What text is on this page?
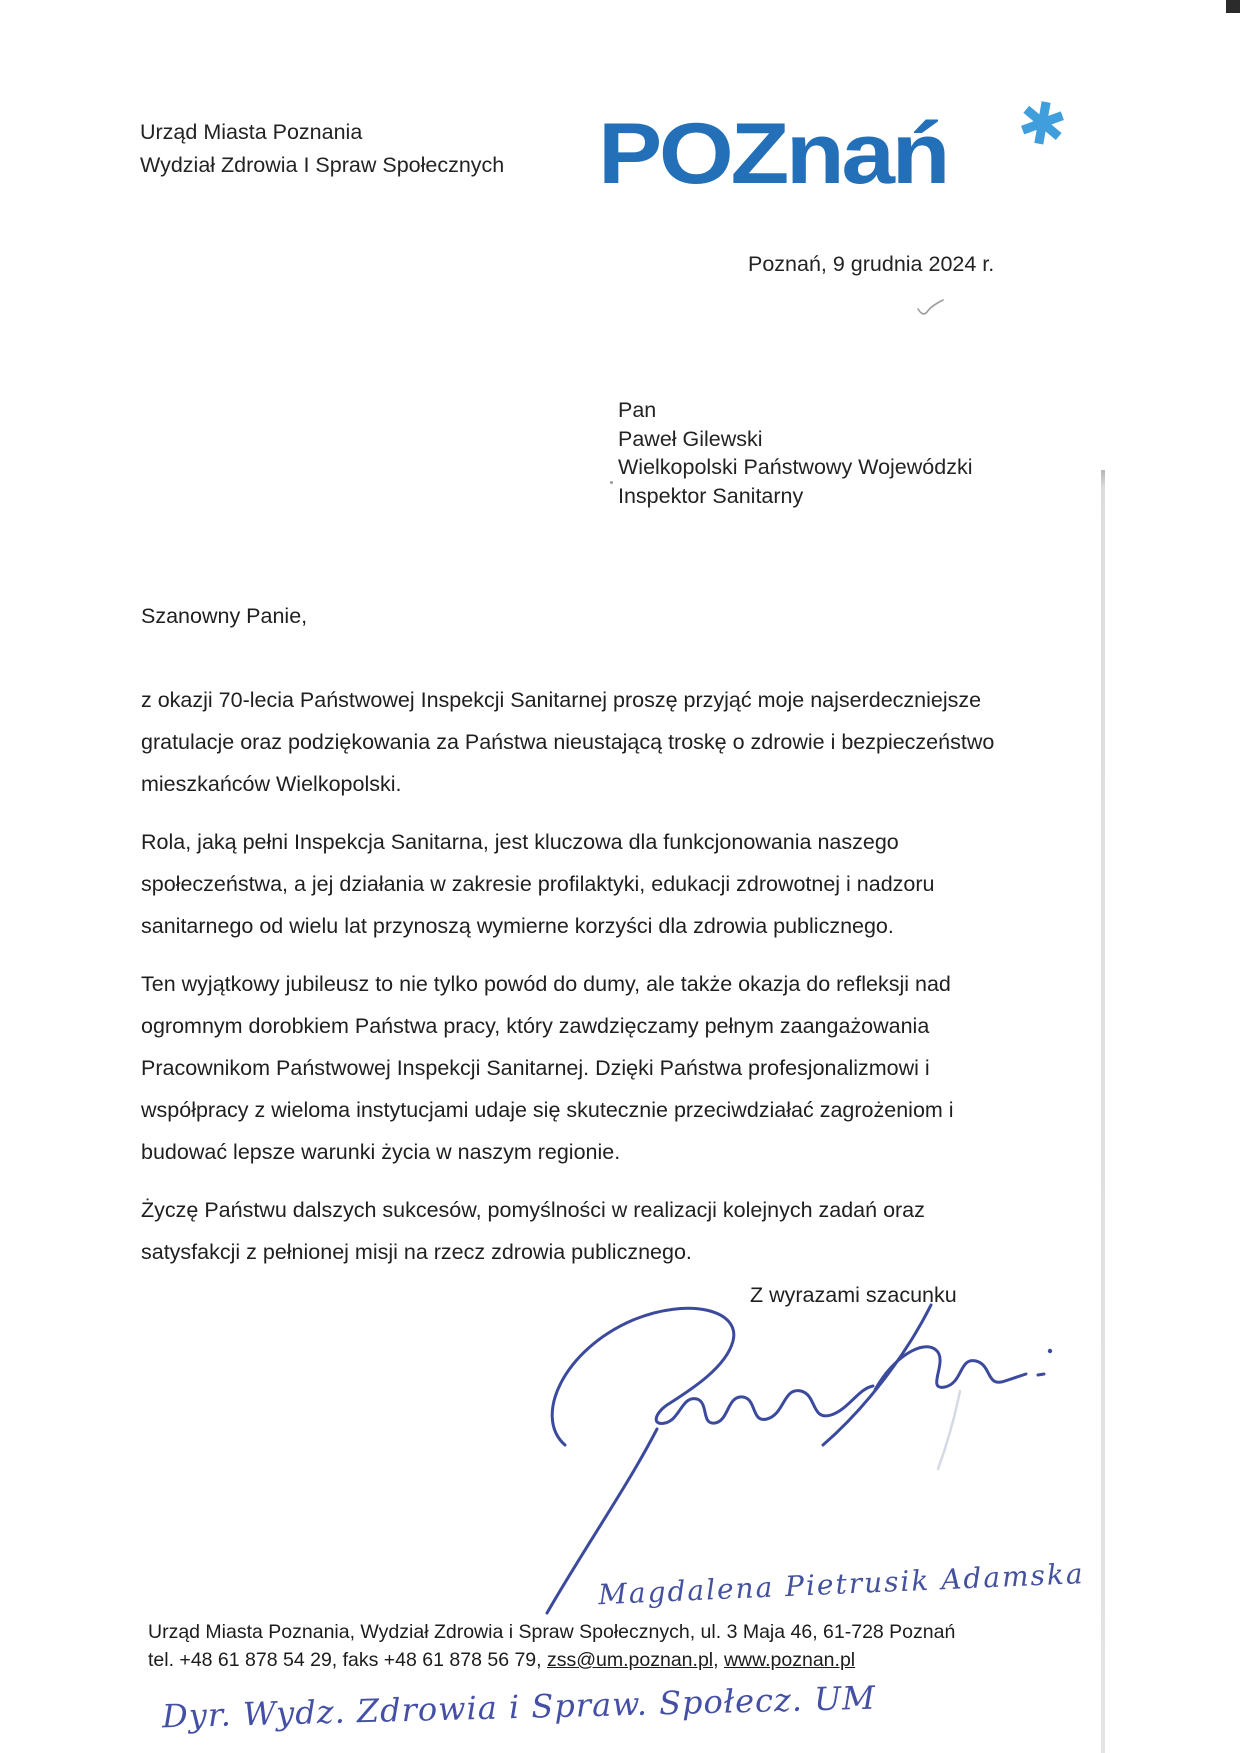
Urząd Miasta Poznania
Wydział Zdrowia I Spraw Społecznych POZnań ✱
Poznań, 9 grudnia 2024 r.
Pan
Paweł Gilewski
Wielkopolski Państwowy Wojewódzki
Inspektor Sanitarny
Szanowny Panie,
z okazji 70-lecia Państwowej Inspekcji Sanitarnej proszę przyjąć moje najserdeczniejsze
gratulacje oraz podziękowania za Państwa nieustającą troskę o zdrowie i bezpieczeństwo
mieszkańców Wielkopolski.
Rola, jaką pełni Inspekcja Sanitarna, jest kluczowa dla funkcjonowania naszego
społeczeństwa, a jej działania w zakresie profilaktyki, edukacji zdrowotnej i nadzoru
sanitarnego od wielu lat przynoszą wymierne korzyści dla zdrowia publicznego.
Ten wyjątkowy jubileusz to nie tylko powód do dumy, ale także okazja do refleksji nad
ogromnym dorobkiem Państwa pracy, który zawdzięczamy pełnym zaangażowania
Pracownikom Państwowej Inspekcji Sanitarnej. Dzięki Państwa profesjonalizmowi i
współpracy z wieloma instytucjami udaje się skutecznie przeciwdziałać zagrożeniom i
budować lepsze warunki życia w naszym regionie.
Życzę Państwu dalszych sukcesów, pomyślności w realizacji kolejnych zadań oraz
satysfakcji z pełnionej misji na rzecz zdrowia publicznego.
Z wyrazami szacunku
Magdalena Pietrusik Adamska
Urząd Miasta Poznania, Wydział Zdrowia i Spraw Społecznych, ul. 3 Maja 46, 61-728 Poznań
tel. +48 61 878 54 29, faks +48 61 878 56 79, zss@um.poznan.pl, www.poznan.pl
Dyr. Wydz. Zdrowia i Spraw. Społecz. UM
